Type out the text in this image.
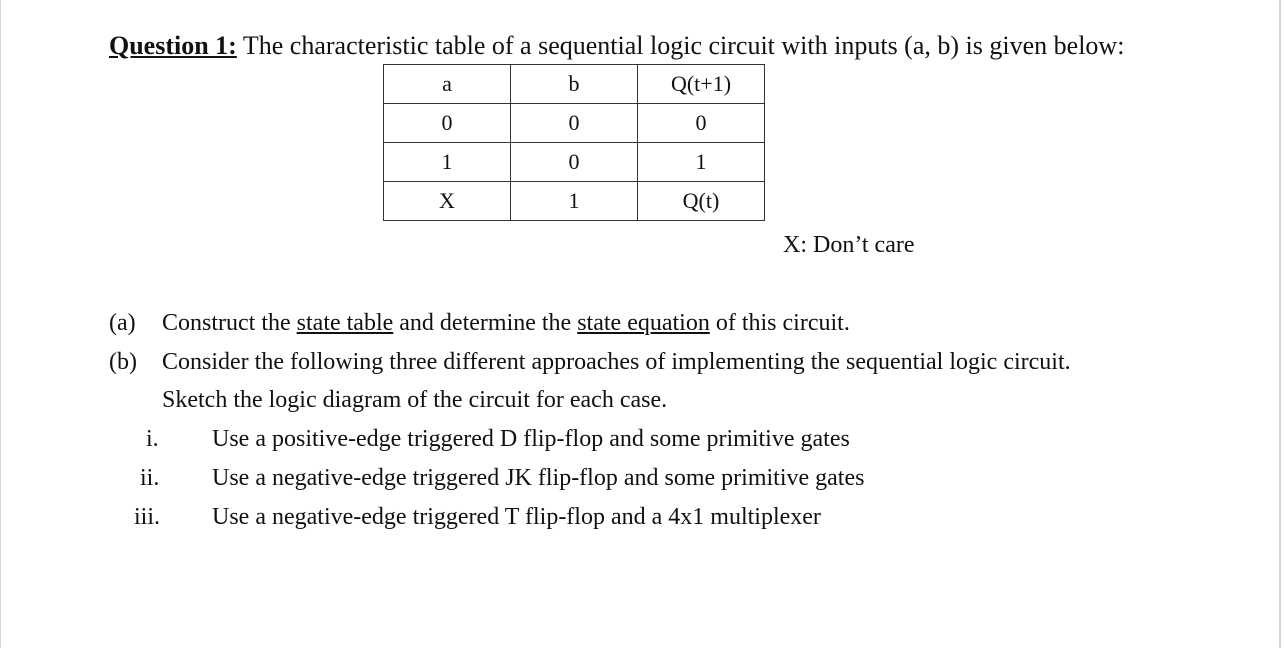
Question 1: The characteristic table of a sequential logic circuit with inputs (a, b) is given below:
a	b	Q(t+1)
0	0	0
1	0	1
X	1	Q(t)
X: Don’t care
(a) Construct the state table and determine the state equation of this circuit.
(b) Consider the following three different approaches of implementing the sequential logic circuit.
Sketch the logic diagram of the circuit for each case.
i. Use a positive-edge triggered D flip-flop and some primitive gates
ii. Use a negative-edge triggered JK flip-flop and some primitive gates
iii. Use a negative-edge triggered T flip-flop and a 4x1 multiplexer
